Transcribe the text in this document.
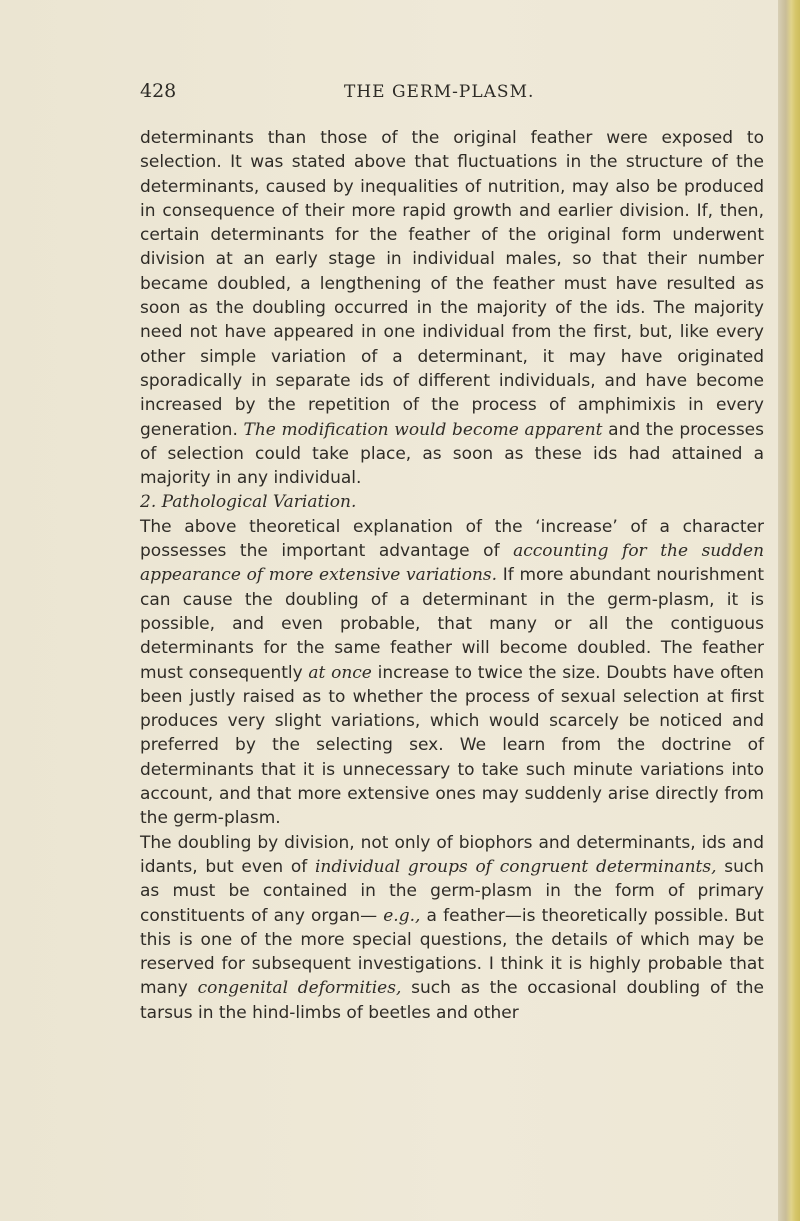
428	THE GERM-PLASM.

determinants than those of the original feather were exposed to selection. It was stated above that fluctuations in the structure of the determinants, caused by inequalities of nutrition, may also be produced in consequence of their more rapid growth and earlier division. If, then, certain determinants for the feather of the original form underwent division at an early stage in individual males, so that their number became doubled, a lengthening of the feather must have resulted as soon as the doubling occurred in the majority of the ids. The majority need not have appeared in one individual from the first, but, like every other simple variation of a determinant, it may have originated sporadically in separate ids of different individuals, and have become increased by the repetition of the process of amphimixis in every generation. The modification would become apparent and the processes of selection could take place, as soon as these ids had attained a majority in any individual.

2. Pathological Variation.

The above theoretical explanation of the ‘increase’ of a character possesses the important advantage of accounting for the sudden appearance of more extensive variations. If more abundant nourishment can cause the doubling of a determinant in the germ-plasm, it is possible, and even probable, that many or all the contiguous determinants for the same feather will become doubled. The feather must consequently at once increase to twice the size. Doubts have often been justly raised as to whether the process of sexual selection at first produces very slight variations, which would scarcely be noticed and preferred by the selecting sex. We learn from the doctrine of determinants that it is unnecessary to take such minute variations into account, and that more extensive ones may suddenly arise directly from the germ-plasm.

The doubling by division, not only of biophors and determinants, ids and idants, but even of individual groups of congruent determinants, such as must be contained in the germ-plasm in the form of primary constituents of any organ— e.g., a feather—is theoretically possible. But this is one of the more special questions, the details of which may be reserved for subsequent investigations. I think it is highly probable that many congenital deformities, such as the occasional doubling of the tarsus in the hind-limbs of beetles and other
